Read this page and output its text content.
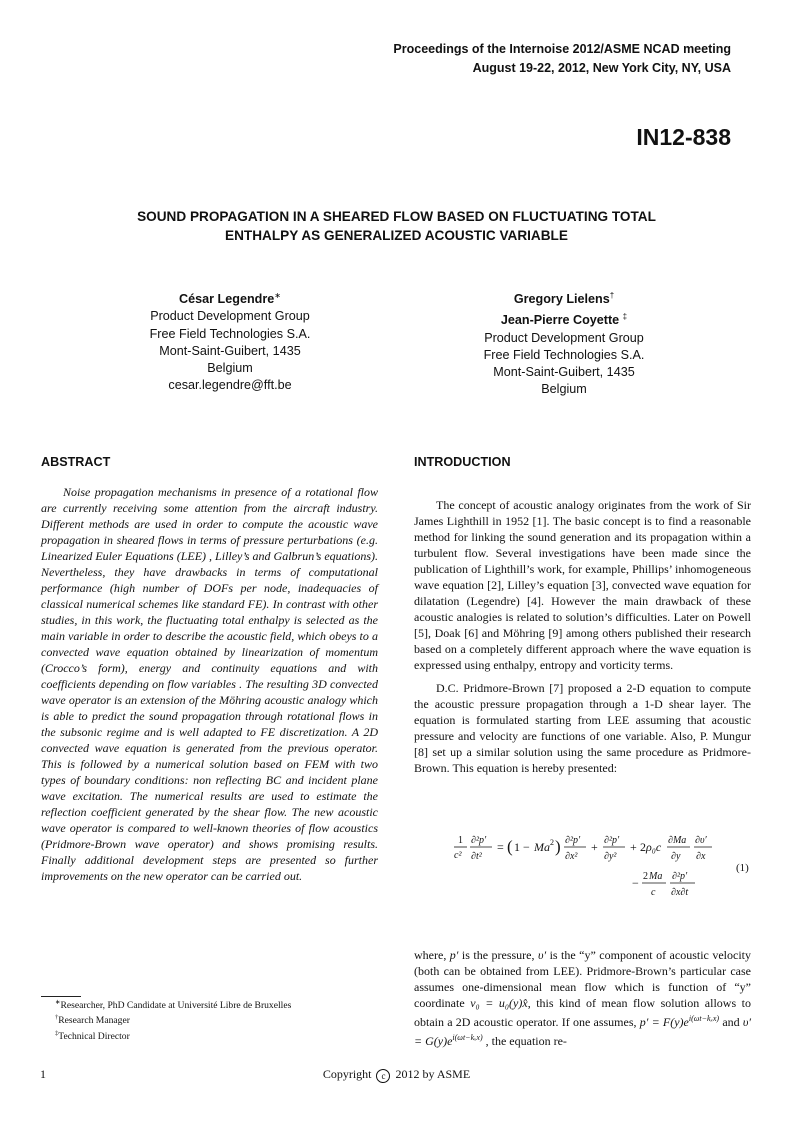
Proceedings of the Internoise 2012/ASME NCAD meeting
August 19-22, 2012, New York City, NY, USA
IN12-838
SOUND PROPAGATION IN A SHEARED FLOW BASED ON FLUCTUATING TOTAL
ENTHALPY AS GENERALIZED ACOUSTIC VARIABLE
César Legendre∗
Product Development Group
Free Field Technologies S.A.
Mont-Saint-Guibert, 1435
Belgium
cesar.legendre@fft.be
Gregory Lielens†
Jean-Pierre Coyette ‡
Product Development Group
Free Field Technologies S.A.
Mont-Saint-Guibert, 1435
Belgium
ABSTRACT	INTRODUCTION

Noise propagation mechanisms in presence of a rotational flow are currently receiving some attention from the aircraft industry. Different methods are used in order to compute the acoustic wave propagation in sheared flows in terms of pressure perturbations (e.g. Linearized Euler Equations (LEE) , Lilley’s and Galbrun’s equations). Nevertheless, they have drawbacks in terms of computational performance (high number of DOFs per node, inadequacies of classical numerical schemes like standard FE). In contrast with other studies, in this work, the fluctuating total enthalpy is selected as the main variable in order to describe the acoustic field, which obeys to a convected wave equation obtained by linearization of momentum (Crocco’s form), energy and continuity equations and with coefficients depending on flow variables . The resulting 3D convected wave operator is an extension of the Möhring acoustic analogy which is able to predict the sound propagation through rotational flows in the subsonic regime and is well adapted to FE discretization. A 2D convected wave equation is generated from the previous operator. This is followed by a numerical solution based on FEM with two types of boundary conditions: non reflecting BC and incident plane wave excitation. The numerical results are used to estimate the reflection coefficient generated by the shear flow. The new acoustic wave operator is compared to well-known theories of flow acoustics (Pridmore-Brown wave operator) and shows promising results. Finally additional development steps are presented so further improvements on the new operator can be carried out.

The concept of acoustic analogy originates from the work of Sir James Lighthill in 1952 [1]. The basic concept is to find a reasonable method for linking the sound generation and its propagation within a turbulent flow. Several investigations have been made since the publication of Lighthill’s work, for example, Phillips’ inhomogeneous wave equation [2], Lilley’s equation [3], convected wave equation for dilatation (Legendre) [4]. However the main drawback of these acoustic analogies is related to solution’s difficulties. Later on Powell [5], Doak [6] and Möhring [9] among others published their research based on a completely different approach where the wave equation is expressed using enthalpy, entropy and vorticity terms.

D.C. Pridmore-Brown [7] proposed a 2-D equation to compute the acoustic pressure propagation through a 1-D shear layer. The equation is formulated starting from LEE assuming that acoustic pressure and velocity are functions of one variable. Also, P. Mungur [8] set up a similar solution using the same procedure as Pridmore-Brown. This equation is hereby presented:

1
c²
∂²p′
∂t²
= ( 1 − Ma 2 ) ∂²p′
∂x²
+ ∂²p′
∂y²
+ 2 ρ₀c ∂Ma
∂y
∂υ′
∂x
− 2 Ma
c
∂²p′
∂x∂t
(1)

where, p′ is the pressure, υ′ is the “y” component of acoustic velocity (both can be obtained from LEE). Pridmore-Brown’s particular case assumes one-dimensional mean flow which is function of “y” coordinate v₀ = u₀(y)x̂, this kind of mean flow solution allows to obtain a 2D acoustic operator. If one assumes, $p' = F(y)e^{i(\omega t-k_xx)}$ and $\upsilon' = G(y)e^{i(\omega t-k_xx)}$ , the equation re-

∗Researcher, PhD Candidate at Université Libre de Bruxelles
†Research Manager
‡Technical Director
1	Copyright c 2012 by ASME
